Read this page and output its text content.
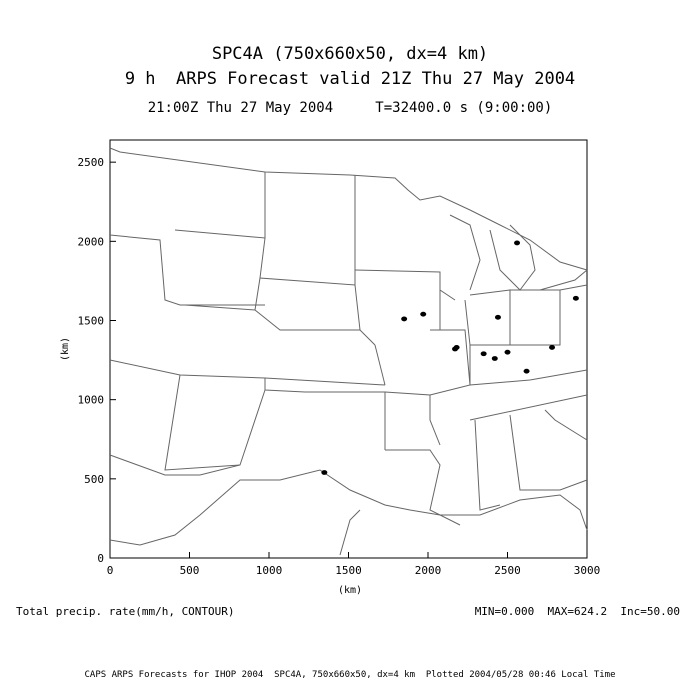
SPC4A (750x660x50, dx=4 km)
9 h  ARPS Forecast valid 21Z Thu 27 May 2004
21:00Z Thu 27 May 2004     T=32400.0 s (9:00:00)
0	500	1000	1500	2000	2500	3000
0
500
1000
1500
2000
2500
(km)
(km)
Total precip. rate(mm/h, CONTOUR)	MIN=0.000  MAX=624.2  Inc=50.00
CAPS ARPS Forecasts for IHOP 2004  SPC4A, 750x660x50, dx=4 km  Plotted 2004/05/28 00:46 Local Time
